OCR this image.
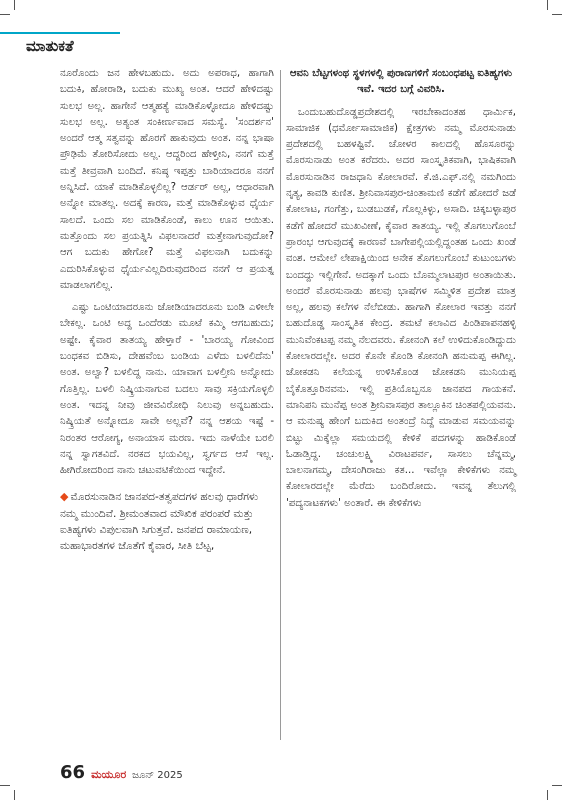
ಮಾತುಕತೆ

ನೂರೊಂದು ಜನ ಹೇಳಬಹುದು. ಅದು ಅಪರಾಧ, ಹಾಗಾಗಿ ಬದುಕಿ, ಹೋರಾಡಿ, ಬದುಕು ಮುಖ್ಯ ಅಂತ. ಆದರೆ ಹೇಳಿದಷ್ಟು ಸುಲಭ ಅಲ್ಲ. ಹಾಗೇನೆ ಆತ್ಮಹತ್ಯೆ ಮಾಡಿಕೊಳ್ಳೋದೂ ಹೇಳಿದಷ್ಟು ಸುಲಭ ಅಲ್ಲ. ಅತ್ಯಂತ ಸಂಕೀರ್ಣವಾದ ಸಮಸ್ಯೆ. 'ಸಂದರ್ಶನ' ಅಂದರೆ ಆತ್ಮ ಸತ್ವವನ್ನು ಹೊರಗೆ ಹಾಕುವುದು ಅಂತ. ನನ್ನ ಭಾಷಾ ಪ್ರೌಢಿಮೆ ತೋರಿಸೋದು ಅಲ್ಲ. ಆದ್ದರಿಂದ ಹೇಳ್ತೀನಿ, ನನಗೆ ಮತ್ತೆ ಮತ್ತೆ ತೀವ್ರವಾಗಿ ಬಂದಿದೆ. ಕನಿಷ್ಠ ಇಪ್ಪತ್ತು ಬಾರಿಯಾದರೂ ನನಗೆ ಅನ್ನಿಸಿದೆ. ಯಾಕೆ ಮಾಡಿಕೊಳ್ಳಲಿಲ್ಲ? ಆರ್ಡರ್ ಅಲ್ಲ, ಆಧಾರವಾಗಿ ಅನ್ನೋ ಮಾತಲ್ಲ. ಅದಕ್ಕೆ ಕಾರಣ, ಮತ್ತೆ ಮಾಡಿಕೊಳ್ಳುವ ಧೈರ್ಯ ಸಾಲದೆ. ಒಂದು ಸಲ ಮಾಡಿಕೊಂಡೆ, ಕಾಲು ಊನ ಆಯಿತು. ಮತ್ತೊಂದು ಸಲ ಪ್ರಯತ್ನಿಸಿ ವಿಫಲನಾದರೆ ಮತ್ತೇನಾಗುವುದೋ? ಆಗ ಬದುಕು ಹೇಗೋ? ಮತ್ತೆ ವಿಫಲನಾಗಿ ಬದುಕನ್ನು ಎದುರಿಸಿಕೊಳ್ಳುವ ಧೈರ್ಯವಿಲ್ಲದಿರುವುದರಿಂದ ನನಗೆ ಆ ಪ್ರಯತ್ನ ಮಾಡಲಾಗಲಿಲ್ಲ.

ಎಷ್ಟು ಒಂಟಿಯಾದರೂನು ಜೋಡಿಯಾದರೂನು ಬಂಡಿ ಎಳೀಲೇ ಬೇಕಲ್ಲ. ಒಂಟಿ ಅದ್ದ ಒಂದೆರಡು ಮೂಟೆ ಕಮ್ಮಿ ಆಗಬಹುದು; ಅಷ್ಟೇ. ಕೈವಾರ ತಾತಯ್ಯ ಹೇಳ್ತಾರೆ - 'ಬಾರಯ್ಯ ಗೋವಿಂದ ಬಂಧಕವ ಬಿಡಿಸು, ದೇಹವೆಂಬ ಬಂಡಿಯ ಎಳೆದು ಬಳಲಿದೆನು' ಅಂತ. ಅಲ್ವಾ? ಬಳಲಿದ್ದ ನಾನು. ಯಾವಾಗ ಬಳಲ್ತೀನಿ ಅನ್ನೋದು ಗೊತ್ತಿಲ್ಲ. ಬಳಲಿ ನಿಷ್ಕ್ರಿಯನಾಗುವ ಬದಲು ಸಾವು ಸಕ್ರಿಯಗೊಳ್ಳಲಿ ಅಂತ. ಇದನ್ನ ನೀವು ಜೀವವಿರೋಧಿ ನಿಲುವು ಅನ್ನಬಹುದು. ನಿಷ್ಕ್ರಿಯತೆ ಅನ್ನೋದೂ ಸಾವೇ ಅಲ್ಲವೆ? ನನ್ನ ಆಶಯ ಇಷ್ಟೆ - ನಿರಂತರ ಆರೋಗ್ಯ, ಅನಾಯಾಸ ಮರಣ. ಇದು ನಾಳೆಯೇ ಬರಲಿ ನನ್ನ ಸ್ವಾಗತವಿದೆ. ನರಕದ ಭಯವಿಲ್ಲ, ಸ್ವರ್ಗದ ಆಸೆ ಇಲ್ಲ. ಹೀಗಿರೋದರಿಂದ ನಾನು ಚಟುವಟಿಕೆಯಿಂದ ಇದ್ದೇನೆ.

◆ ಮೊರಸುನಾಡಿನ ಜಾನಪದ-ತತ್ವಪದಗಳ ಹಲವು ಧಾರೆಗಳು ನಮ್ಮ ಮುಂದಿವೆ. ಶ್ರೀಮಂತವಾದ ಮೌಖಿಕ ಪರಂಪರೆ ಮತ್ತು ಐತಿಹ್ಯಗಳು ವಿಪುಲವಾಗಿ ಸಿಗುತ್ತವೆ. ಜನಪದ ರಾಮಾಯಣ, ಮಹಾಭಾರತಗಳ ಜೊತೆಗೆ ಕೈವಾರ, ಸೀತಿ ಬೆಟ್ಟ,

ಆವನಿ ಬೆಟ್ಟಗಳಂಥ ಸ್ಥಳಗಳಲ್ಲಿ ಪುರಾಣಗಳಿಗೆ ಸಂಬಂಧಪಟ್ಟ ಐತಿಹ್ಯಗಳು ಇವೆ. ಇದರ ಬಗ್ಗೆ ವಿವರಿಸಿ.

ಒಂದುಬಹುದೊಡ್ಡಪ್ರದೇಶದಲ್ಲಿ ಇರಬೇಕಾದಂತಹ ಧಾರ್ಮಿಕ, ಸಾಮಾಜಿಕ (ಧರ್ಮೋಸಾಮಾಜಿಕ) ಕ್ಷೇತ್ರಗಳು ನಮ್ಮ ಮೊರಸುನಾಡು ಪ್ರದೇಶದಲ್ಲಿ ಬಹಳಷ್ಟಿವೆ. ಚೋಳರ ಕಾಲದಲ್ಲಿ ಹೊಸೂರನ್ನು ಮೊರಸುನಾಡು ಅಂತ ಕರೆದರು. ಅದರ ಸಾಂಸ್ಕೃತಿಕವಾಗಿ, ಭಾಷಿಕವಾಗಿ ಮೊರಸುನಾಡಿನ ರಾಜಧಾನಿ ಕೋಲಾರವೆ. ಕೆ.ಜಿ.ಎಫ್.ನಲ್ಲಿ ನಮಗಿಂದು ನೃತ್ಯ, ಕಾವಡಿ ಕುಣಿತ. ಶ್ರೀನಿವಾಸಪುರ-ಚಿಂತಾಮಣಿ ಕಡೆಗೆ ಹೋದರೆ ಜಡೆ ಕೋಲಾಟ, ಗಂಗೆತ್ತು, ಬುಡಬುಡಕೆ, ಗೊಲ್ಲಕಿಳ್ಳು, ಅಸಾದಿ. ಚಿಕ್ಕಬಳ್ಳಾಪುರ ಕಡೆಗೆ ಹೋದರೆ ಮುಖವೀಣೆ, ಕೈವಾರ ತಾತಯ್ಯ. ಇಲ್ಲಿ ತೊಗಲುಗೊಂಬೆ ಪ್ರಾರಂಭ ಆಗುವುದಕ್ಕೆ ಕಾರಣವೆ ಬಾಗೇಪಲ್ಲಿಯಲ್ಲಿದ್ದಂತಹ ಒಂದು ಖಂಡೆ ವಂಶ. ಆಮೇಲೆ ಲೇಪಾಕ್ಷಿಯಿಂದ ಅನೇಕ ತೊಗಲುಗೊಂಬೆ ಕುಟುಂಬಗಳು ಬಂದದ್ದು ಇಲ್ಲಿಗೇನೆ. ಅದಕ್ಕಾಗೆ ಒಂದು ಬೊಮ್ಮಲಾಟಪುರ ಅಂತಾಯಿತು. ಅಂದರೆ ಮೊರಸುನಾಡು ಹಲವು ಭಾಷೆಗಳ ಸಮ್ಮಿಳಿತ ಪ್ರದೇಶ ಮಾತ್ರ ಅಲ್ಲ, ಹಲವು ಕಲೆಗಳ ನೆಲೆಬೀಡು. ಹಾಗಾಗಿ ಕೋಲಾರ ಇವತ್ತು ನನಗೆ ಬಹುದೊಡ್ಡ ಸಾಂಸ್ಕೃತಿಕ ಕೇಂದ್ರ. ತಮಟೆ ಕಲಾವಿದ ಪಿಂಡಿಪಾಪನಹಳ್ಳಿ ಮುನಿವೆಂಕಟಪ್ಪ ನಮ್ಮ ನೆಲದವರು. ಕೋನಂಗಿ ಕಲೆ ಉಳಿದುಕೊಂಡಿದ್ದುದು ಕೋಲಾರದಲ್ಲೇ. ಅದರ ಕೊನೇ ಕೊಂಡಿ ಕೋನಂಗಿ ಹನುಮಪ್ಪ ಈಗಿಲ್ಲ. ಜೋಕಡನಿ ಕಲೆಯನ್ನ ಉಳಿಸಿಕೊಂಡ ಜೋಕಡನಿ ಮುನಿಯಪ್ಪ ಬೈಕೊತ್ತೂರಿನವನು. ಇಲ್ಲಿ ಪ್ರತಿಯೊಬ್ಬನೂ ಜಾನಪದ ಗಾಯಕನೆ. ಮಾನಿಪನಿ ಮುನೆಪ್ಪ ಅಂತ ಶ್ರೀನಿವಾಸಪುರ ತಾಲ್ಲೂಕಿನ ಚಿಂತಪಲ್ಲಿಯವನು. ಆ ಮನುಷ್ಯ ಹೇಂಗೆ ಬದುಕಿದ ಅಂತಂದ್ರೆ ನಿದ್ದೆ ಮಾಡುವ ಸಮಯವನ್ನು ಬಿಟ್ಟು ಮಿಕ್ಕೆಲ್ಲಾ ಸಮಯದಲ್ಲಿ ಕೇಳಿಕೆ ಪದಗಳನ್ನು ಹಾಡಿಕೊಂಡೆ ಓಡಾಡ್ತಿದ್ದ. ಚಂಚುಲಕ್ಷ್ಮಿ ವಿರಾಟಪರ್ವ, ಸಾಸಲು ಚೆನ್ನಮ್ಮ, ಬಾಲನಾಗಮ್ಮ, ದೇಸಂಗಿರಾಜು ಕತ... ಇವೆಲ್ಲಾ ಕೇಳಿಕೆಗಳು ನಮ್ಮ ಕೋಲಾರದಲ್ಲೇ ಮೆರೆದು ಬಂದಿರೋದು. ಇವನ್ನ ತೆಲುಗಲ್ಲಿ 'ಪದ್ಯನಾಟಕಗಳು' ಅಂತಾರೆ. ಈ ಕೇಳಿಕೆಗಳು

66 ಮಯೂರ ಜೂನ್ 2025
